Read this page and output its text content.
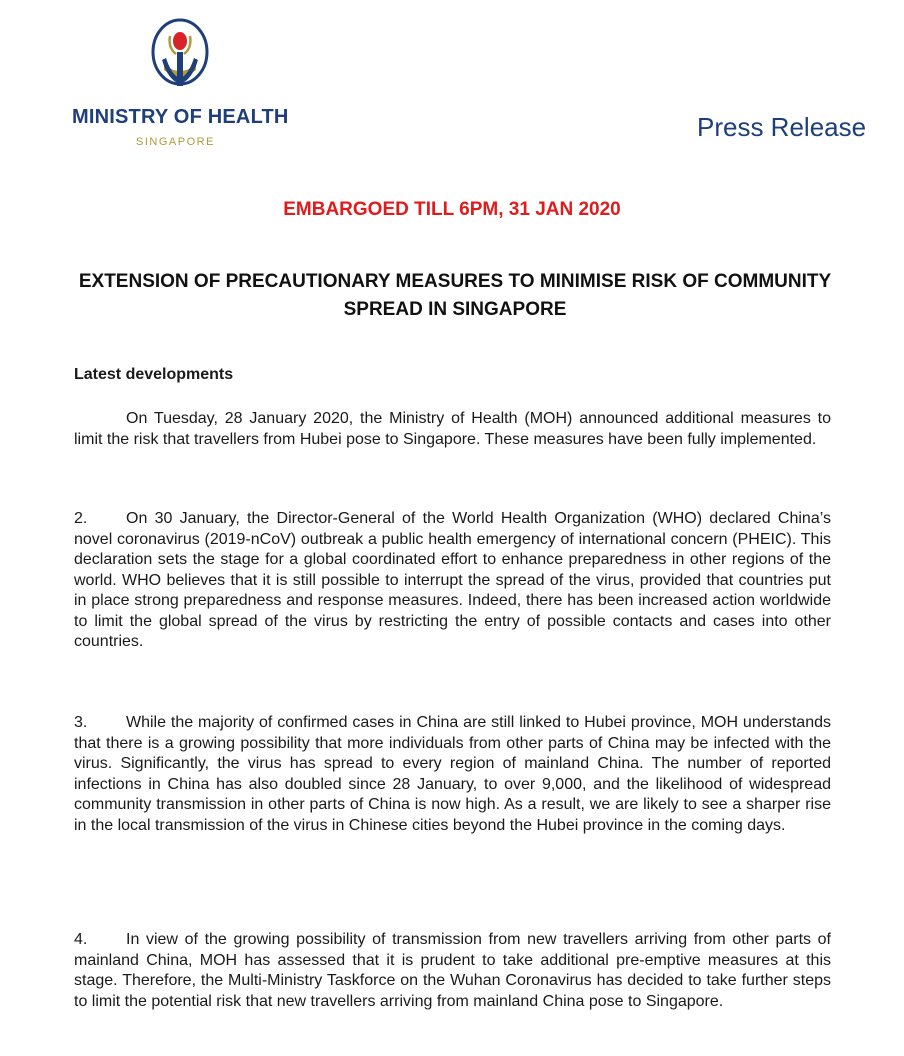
MINISTRY OF HEALTH
SINGAPORE	Press Release
EMBARGOED TILL 6PM, 31 JAN 2020
EXTENSION OF PRECAUTIONARY MEASURES TO MINIMISE RISK OF COMMUNITY SPREAD IN SINGAPORE
Latest developments
On Tuesday, 28 January 2020, the Ministry of Health (MOH) announced additional measures to limit the risk that travellers from Hubei pose to Singapore. These measures have been fully implemented.
2. On 30 January, the Director-General of the World Health Organization (WHO) declared China’s novel coronavirus (2019-nCoV) outbreak a public health emergency of international concern (PHEIC). This declaration sets the stage for a global coordinated effort to enhance preparedness in other regions of the world. WHO believes that it is still possible to interrupt the spread of the virus, provided that countries put in place strong preparedness and response measures. Indeed, there has been increased action worldwide to limit the global spread of the virus by restricting the entry of possible contacts and cases into other countries.
3. While the majority of confirmed cases in China are still linked to Hubei province, MOH understands that there is a growing possibility that more individuals from other parts of China may be infected with the virus. Significantly, the virus has spread to every region of mainland China. The number of reported infections in China has also doubled since 28 January, to over 9,000, and the likelihood of widespread community transmission in other parts of China is now high. As a result, we are likely to see a sharper rise in the local transmission of the virus in Chinese cities beyond the Hubei province in the coming days.
4. In view of the growing possibility of transmission from new travellers arriving from other parts of mainland China, MOH has assessed that it is prudent to take additional pre-emptive measures at this stage. Therefore, the Multi-Ministry Taskforce on the Wuhan Coronavirus has decided to take further steps to limit the potential risk that new travellers arriving from mainland China pose to Singapore.
